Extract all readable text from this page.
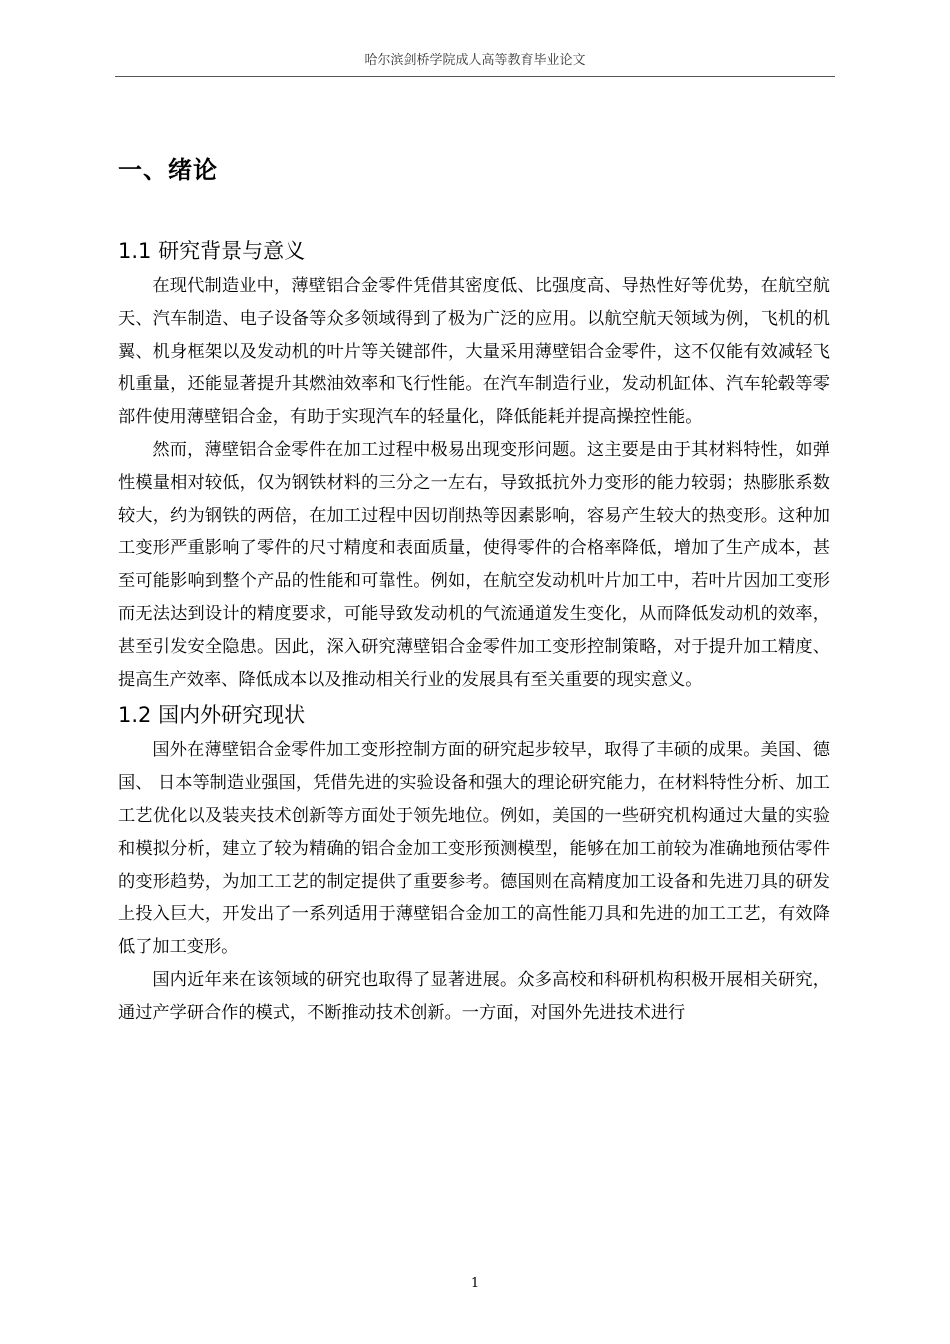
哈尔滨剑桥学院成人高等教育毕业论文
一、绪论
1.1 研究背景与意义

在现代制造业中，薄壁铝合金零件凭借其密度低、比强度高、导热性好等优势，在航空航天、汽车制造、电子设备等众多领域得到了极为广泛的应用。以航空航天领域为例，飞机的机翼、机身框架以及发动机的叶片等关键部件，大量采用薄壁铝合金零件，这不仅能有效减轻飞机重量，还能显著提升其燃油效率和飞行性能。在汽车制造行业，发动机缸体、汽车轮毂等零部件使用薄壁铝合金，有助于实现汽车的轻量化，降低能耗并提高操控性能。

然而，薄壁铝合金零件在加工过程中极易出现变形问题。这主要是由于其材料特性，如弹性模量相对较低，仅为钢铁材料的三分之一左右，导致抵抗外力变形的能力较弱；热膨胀系数较大，约为钢铁的两倍，在加工过程中因切削热等因素影响，容易产生较大的热变形。这种加工变形严重影响了零件的尺寸精度和表面质量，使得零件的合格率降低，增加了生产成本，甚至可能影响到整个产品的性能和可靠性。例如，在航空发动机叶片加工中，若叶片因加工变形而无法达到设计的精度要求，可能导致发动机的气流通道发生变化，从而降低发动机的效率，甚至引发安全隐患。因此，深入研究薄壁铝合金零件加工变形控制策略，对于提升加工精度、提高生产效率、降低成本以及推动相关行业的发展具有至关重要的现实意义。

1.2 国内外研究现状

国外在薄壁铝合金零件加工变形控制方面的研究起步较早，取得了丰硕的成果。美国、德国、 日本等制造业强国，凭借先进的实验设备和强大的理论研究能力，在材料特性分析、加工工艺优化以及装夹技术创新等方面处于领先地位。例如，美国的一些研究机构通过大量的实验和模拟分析，建立了较为精确的铝合金加工变形预测模型，能够在加工前较为准确地预估零件的变形趋势，为加工工艺的制定提供了重要参考。德国则在高精度加工设备和先进刀具的研发上投入巨大，开发出了一系列适用于薄壁铝合金加工的高性能刀具和先进的加工工艺，有效降低了加工变形。

国内近年来在该领域的研究也取得了显著进展。众多高校和科研机构积极开展相关研究，通过产学研合作的模式，不断推动技术创新。一方面，对国外先进技术进行

1
